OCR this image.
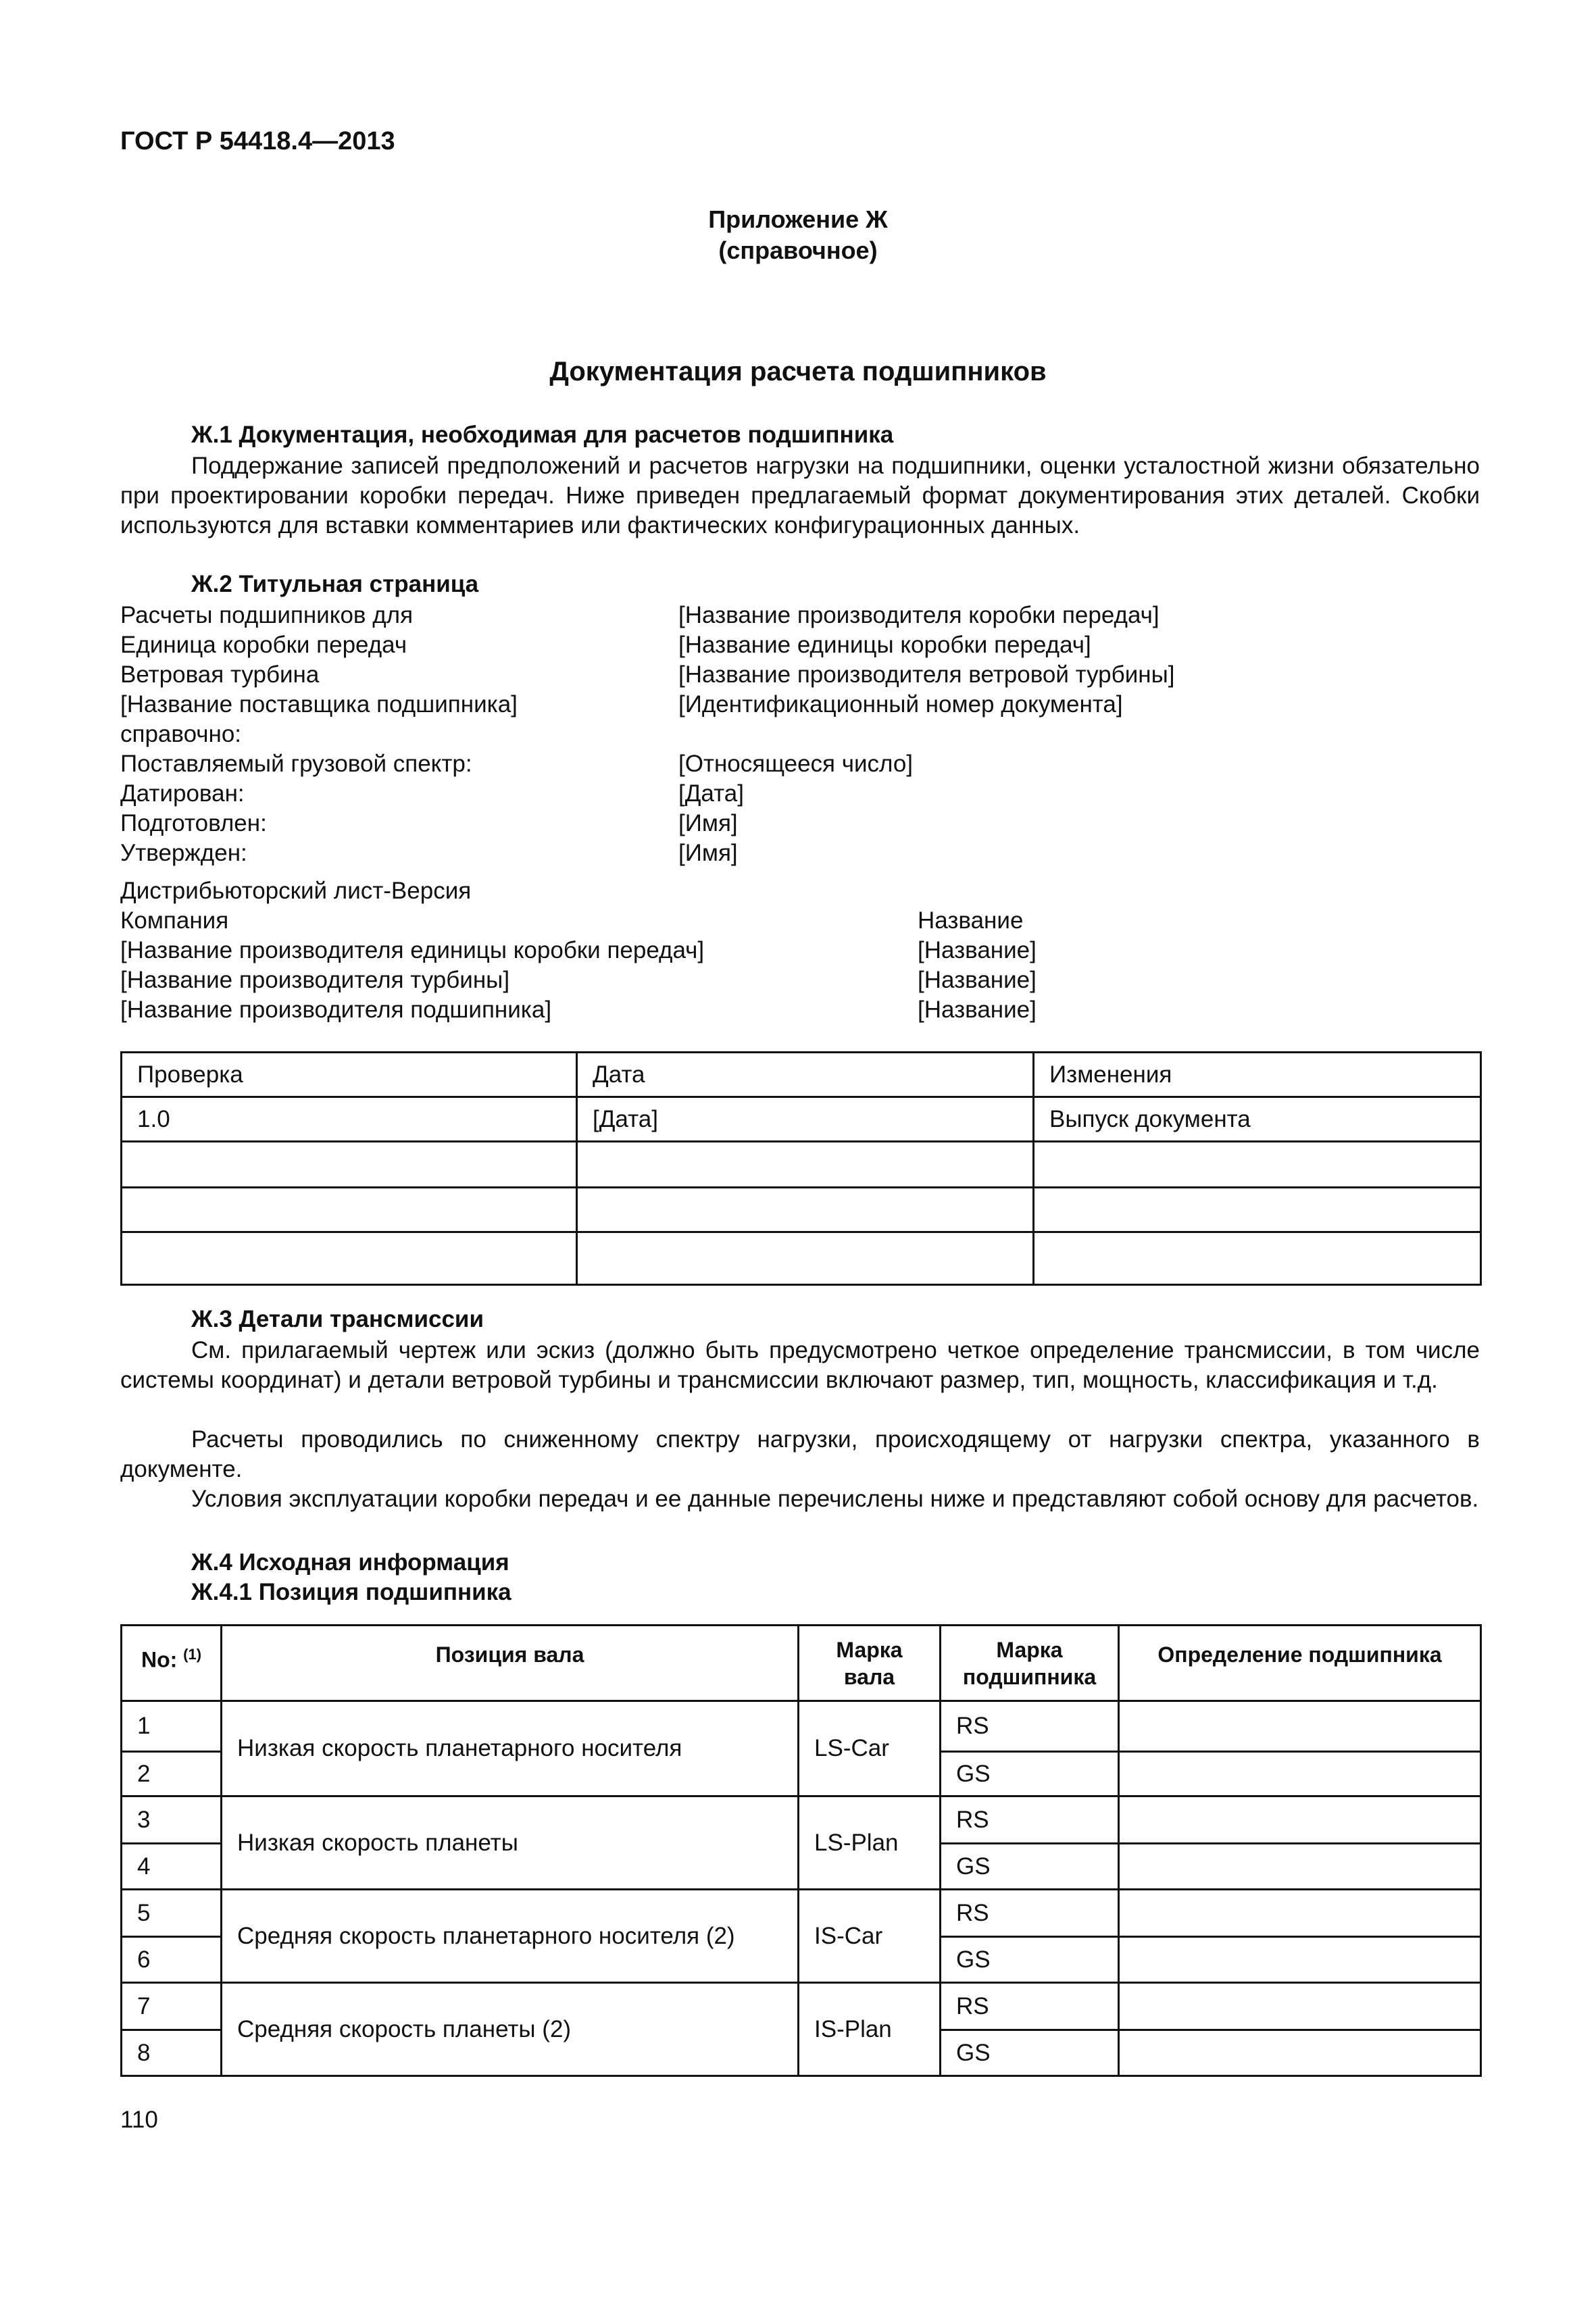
ГОСТ Р 54418.4—2013
Приложение Ж
(справочное)
Документация расчета подшипников
Ж.1 Документация, необходимая для расчетов подшипника
Поддержание записей предположений и расчетов нагрузки на подшипники, оценки усталостной жизни обязательно при проектировании коробки передач. Ниже приведен предлагаемый формат документирования этих деталей. Скобки используются для вставки комментариев или фактических конфигурационных данных.
Ж.2 Титульная страница
Расчеты подшипников для	[Название производителя коробки передач]
Единица коробки передач	[Название единицы коробки передач]
Ветровая турбина	[Название производителя ветровой турбины]
[Название поставщика подшипника]	[Идентификационный номер документа]
справочно:
Поставляемый грузовой спектр:	[Относящееся число]
Датирован:	[Дата]
Подготовлен:	[Имя]
Утвержден:	[Имя]
Дистрибьюторский лист-Версия
Компания	Название
[Название производителя единицы коробки передач]	[Название]
[Название производителя турбины]	[Название]
[Название производителя подшипника]	[Название]
Проверка	Дата	Изменения
1.0	[Дата]	Выпуск документа

Ж.3 Детали трансмиссии
См. прилагаемый чертеж или эскиз (должно быть предусмотрено четкое определение трансмиссии, в том числе системы координат) и детали ветровой турбины и трансмиссии включают размер, тип, мощность, классификация и т.д.
Расчеты проводились по сниженному спектру нагрузки, происходящему от нагрузки спектра, указанного в документе.
Условия эксплуатации коробки передач и ее данные перечислены ниже и представляют собой основу для расчетов.
Ж.4 Исходная информация
Ж.4.1 Позиция подшипника
No: $^{(1)}$	Позиция вала	Марка вала	Марка подшипника	Определение подшипника
1	Низкая скорость планетарного носителя	LS-Car	RS	
2			GS	
3	Низкая скорость планеты	LS-Plan	RS	
4			GS	
5	Средняя скорость планетарного носителя (2)	IS-Car	RS	
6			GS	
7	Средняя скорость планеты (2)	IS-Plan	RS	
8			GS	
110
